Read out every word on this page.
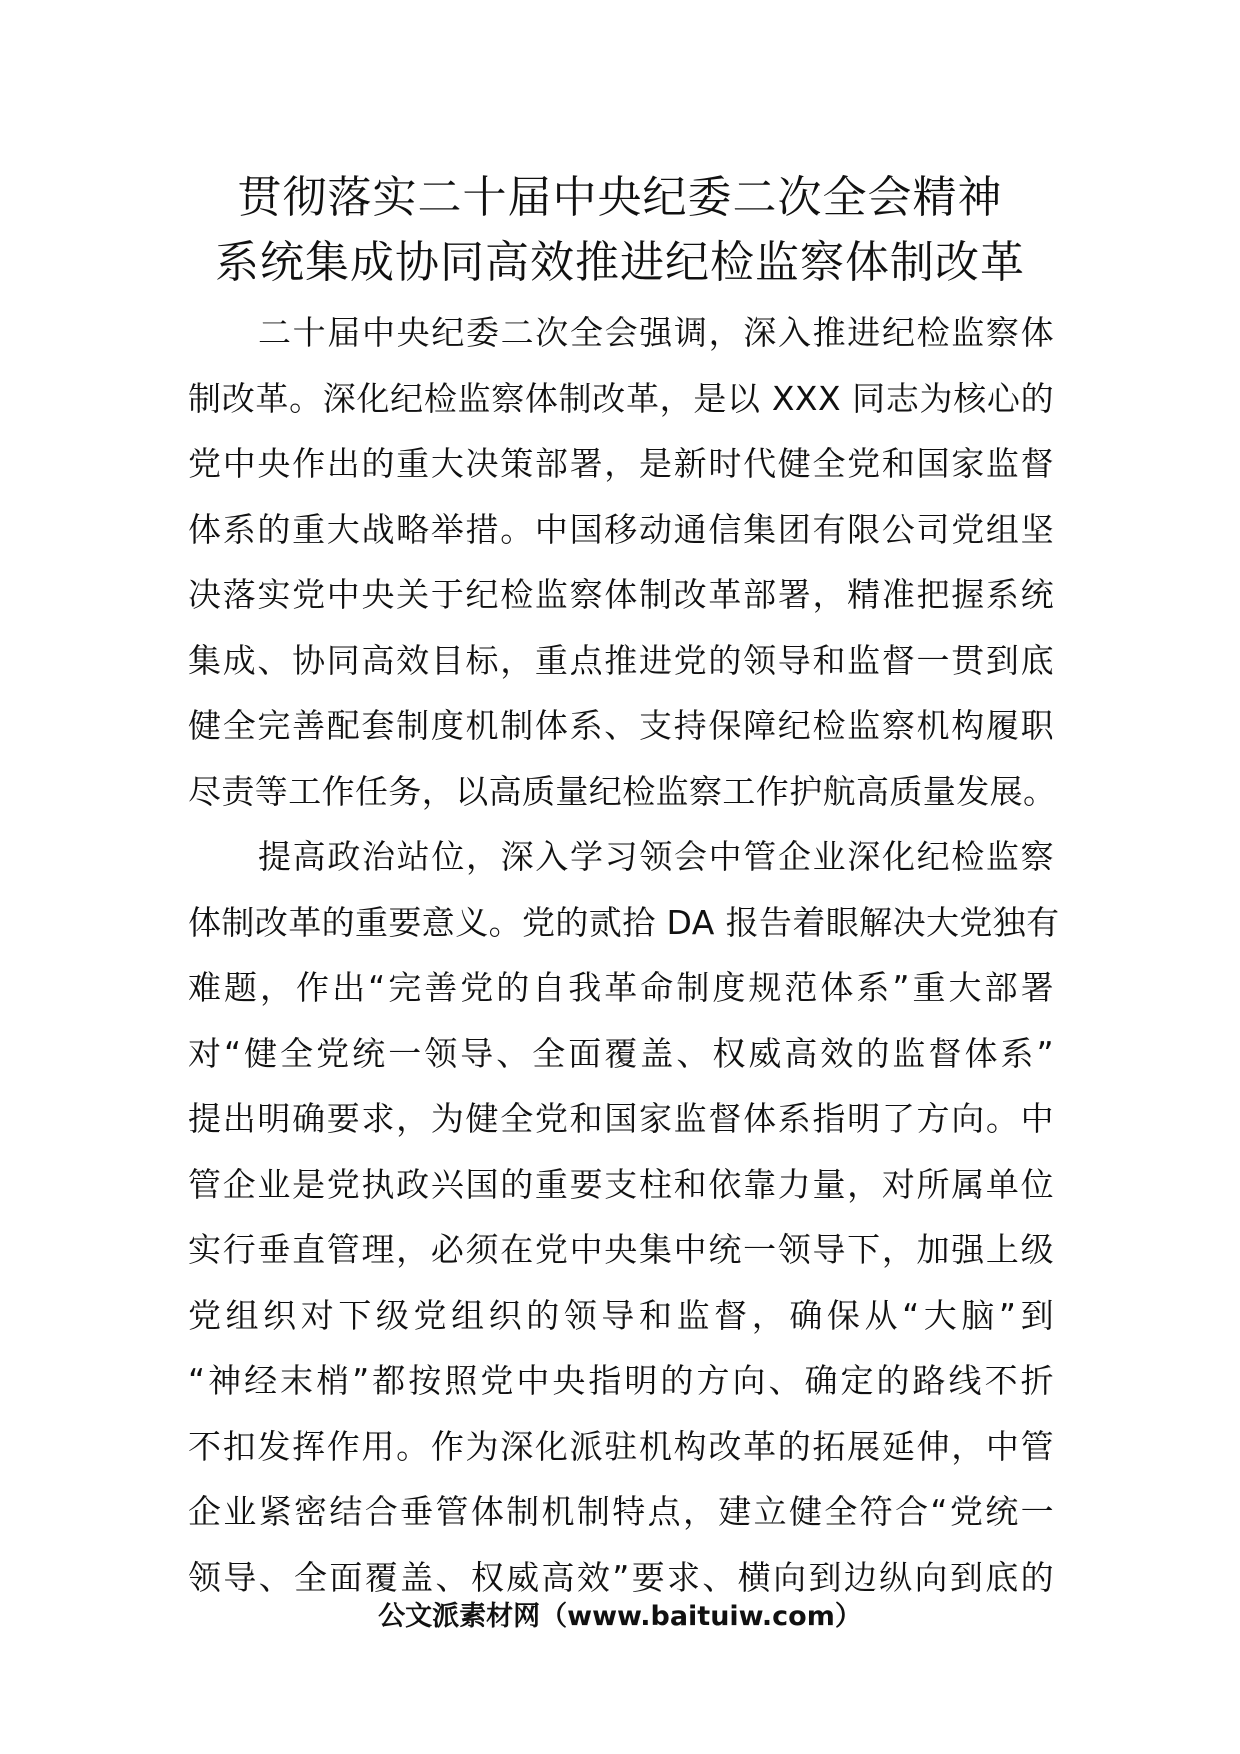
贯彻落实二十届中央纪委二次全会精神
系统集成协同高效推进纪检监察体制改革
二十届中央纪委二次全会强调，深入推进纪检监察体
制改革。深化纪检监察体制改革，是以 XXX 同志为核心的
党中央作出的重大决策部署，是新时代健全党和国家监督
体系的重大战略举措。中国移动通信集团有限公司党组坚
决落实党中央关于纪检监察体制改革部署，精准把握系统
集成、协同高效目标，重点推进党的领导和监督一贯到底
健全完善配套制度机制体系、支持保障纪检监察机构履职
尽责等工作任务，以高质量纪检监察工作护航高质量发展。
提高政治站位，深入学习领会中管企业深化纪检监察
体制改革的重要意义。党的贰拾 DA 报告着眼解决大党独有
难题，作出“完善党的自我革命制度规范体系”重大部署
对“健全党统一领导、全面覆盖、权威高效的监督体系”
提出明确要求，为健全党和国家监督体系指明了方向。中
管企业是党执政兴国的重要支柱和依靠力量，对所属单位
实行垂直管理，必须在党中央集中统一领导下，加强上级
党组织对下级党组织的领导和监督，确保从“大脑”到
“神经末梢”都按照党中央指明的方向、确定的路线不折
不扣发挥作用。作为深化派驻机构改革的拓展延伸，中管
企业紧密结合垂管体制机制特点，建立健全符合“党统一
领导、全面覆盖、权威高效”要求、横向到边纵向到底的
公文派素材网（www.baituiw.com）
